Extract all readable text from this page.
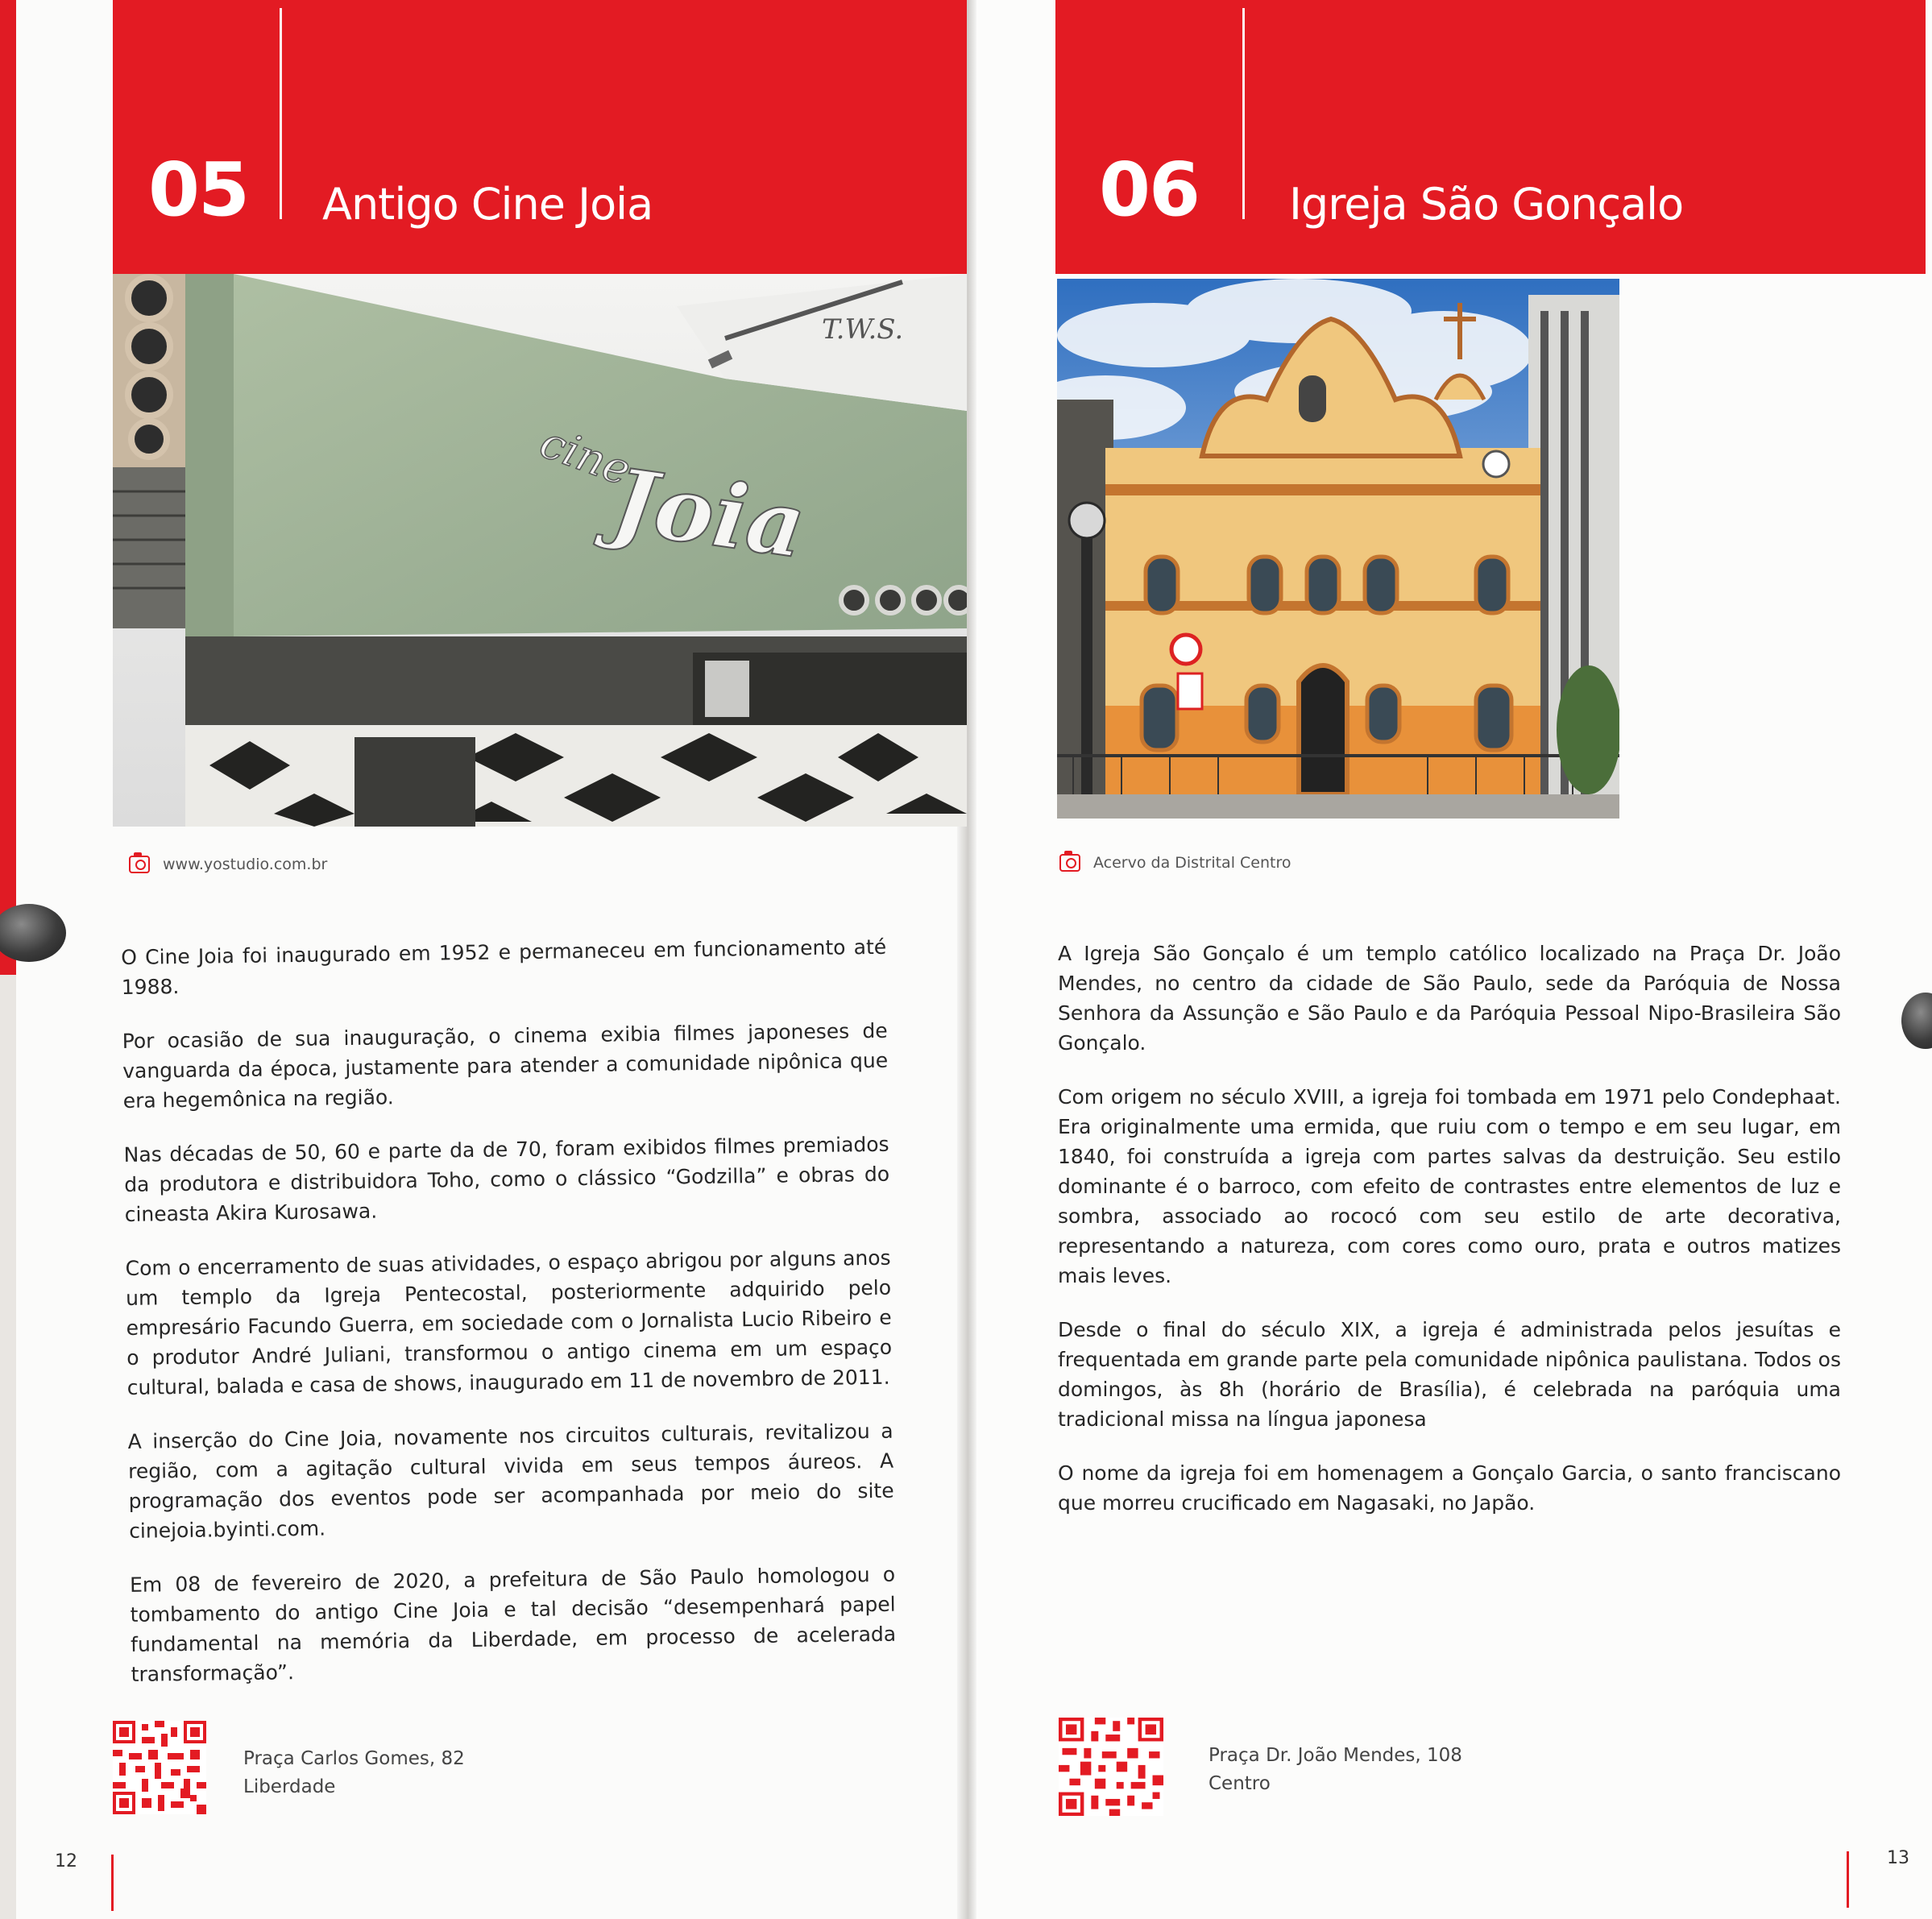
05 Antigo Cine Joia	06 Igreja São Gonçalo
T.W.S.
cine
Joia
www.yostudio.com.br	Acervo da Distrital Centro

O Cine Joia foi inaugurado em 1952 e permaneceu em funcionamento até 1988.

Por ocasião de sua inauguração, o cinema exibia filmes japoneses de vanguarda da época, justamente para atender a comunidade nipônica que era hegemônica na região.

Nas décadas de 50, 60 e parte da de 70, foram exibidos filmes premiados da produtora e distribuidora Toho, como o clássico “Godzilla” e obras do cineasta Akira Kurosawa.

Com o encerramento de suas atividades, o espaço abrigou por alguns anos um templo da Igreja Pentecostal, posteriormente adquirido pelo empresário Facundo Guerra, em sociedade com o Jornalista Lucio Ribeiro e o produtor André Juliani, transformou o antigo cinema em um espaço cultural, balada e casa de shows, inaugurado em 11 de novembro de 2011.

A inserção do Cine Joia, novamente nos circuitos culturais, revitalizou a região, com a agitação cultural vivida em seus tempos áureos. A programação dos eventos pode ser acompanhada por meio do site cinejoia.byinti.com.

Em 08 de fevereiro de 2020, a prefeitura de São Paulo homologou o tombamento do antigo Cine Joia e tal decisão “desempenhará papel fundamental na memória da Liberdade, em processo de acelerada transformação”.

A Igreja São Gonçalo é um templo católico localizado na Praça Dr. João Mendes, no centro da cidade de São Paulo, sede da Paróquia de Nossa Senhora da Assunção e São Paulo e da Paróquia Pessoal Nipo-Brasileira São Gonçalo.

Com origem no século XVIII, a igreja foi tombada em 1971 pelo Condephaat. Era originalmente uma ermida, que ruiu com o tempo e em seu lugar, em 1840, foi construída a igreja com partes salvas da destruição. Seu estilo dominante é o barroco, com efeito de contrastes entre elementos de luz e sombra, associado ao rococó com seu estilo de arte decorativa, representando a natureza, com cores como ouro, prata e outros matizes mais leves.

Desde o final do século XIX, a igreja é administrada pelos jesuítas e frequentada em grande parte pela comunidade nipônica paulistana. Todos os domingos, às 8h (horário de Brasília), é celebrada na paróquia uma tradicional missa na língua japonesa

O nome da igreja foi em homenagem a Gonçalo Garcia, o santo franciscano que morreu crucificado em Nagasaki, no Japão.

Praça Carlos Gomes, 82
Liberdade
Praça Dr. João Mendes, 108
Centro
12	13
